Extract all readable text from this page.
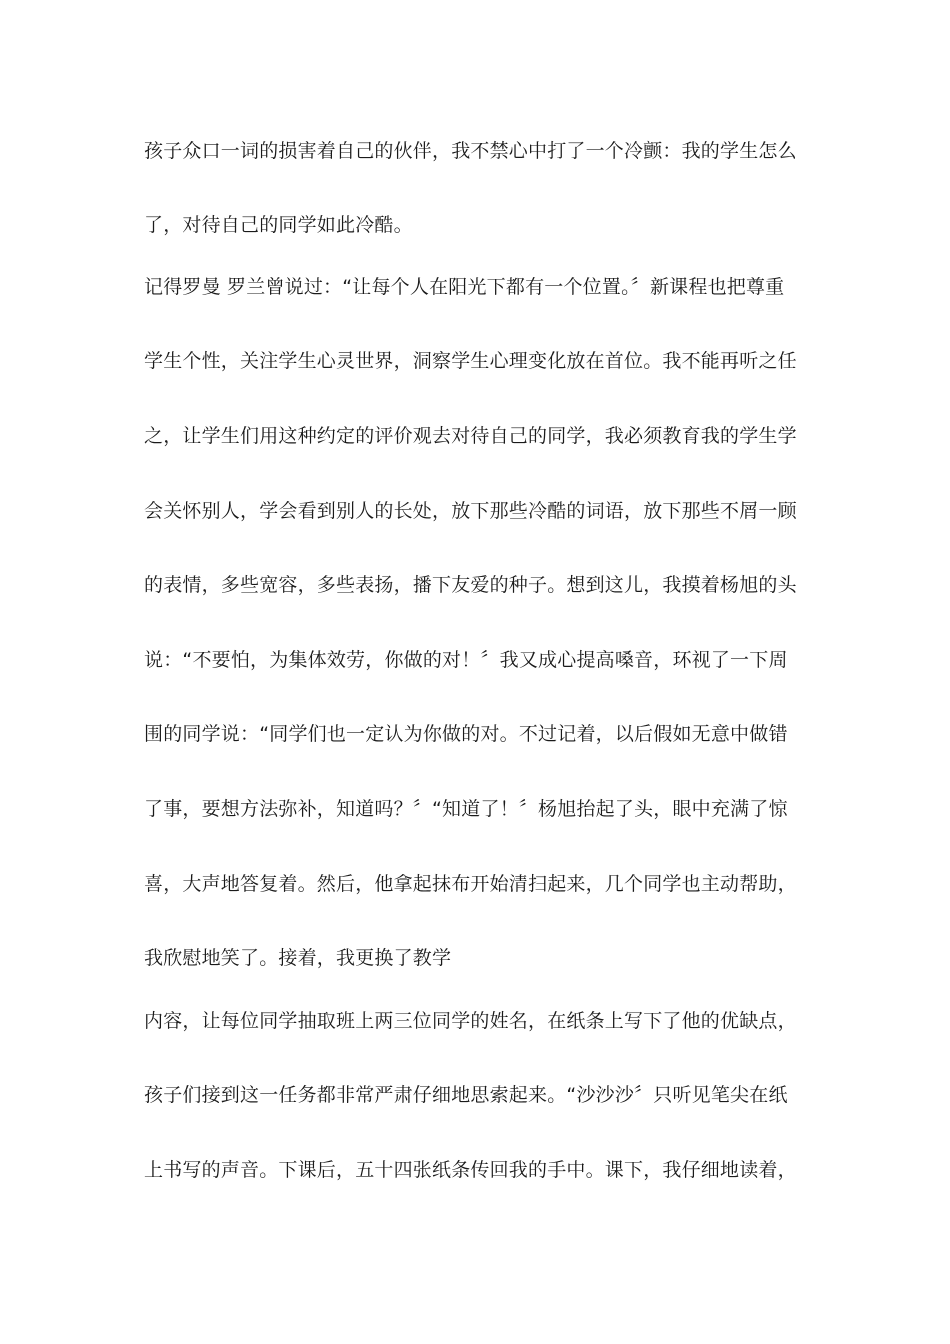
孩子众口一词的损害着自己的伙伴，我不禁心中打了一个冷颤：我的学生怎么
了，对待自己的同学如此冷酷。
记得罗曼 罗兰曾说过：“让每个人在阳光下都有一个位置。〞新课程也把尊重
学生个性，关注学生心灵世界，洞察学生心理变化放在首位。我不能再听之任
之，让学生们用这种约定的评价观去对待自己的同学，我必须教育我的学生学
会关怀别人，学会看到别人的长处，放下那些冷酷的词语，放下那些不屑一顾
的表情，多些宽容，多些表扬，播下友爱的种子。想到这儿，我摸着杨旭的头
说：“不要怕，为集体效劳，你做的对！〞我又成心提高嗓音，环视了一下周
围的同学说：“同学们也一定认为你做的对。不过记着，以后假如无意中做错
了事，要想方法弥补，知道吗？〞“知道了！〞杨旭抬起了头，眼中充满了惊
喜，大声地答复着。然后，他拿起抹布开始清扫起来，几个同学也主动帮助，
我欣慰地笑了。接着，我更换了教学
内容，让每位同学抽取班上两三位同学的姓名，在纸条上写下了他的优缺点，
孩子们接到这一任务都非常严肃仔细地思索起来。“沙沙沙〞只听见笔尖在纸
上书写的声音。下课后，五十四张纸条传回我的手中。课下，我仔细地读着，
